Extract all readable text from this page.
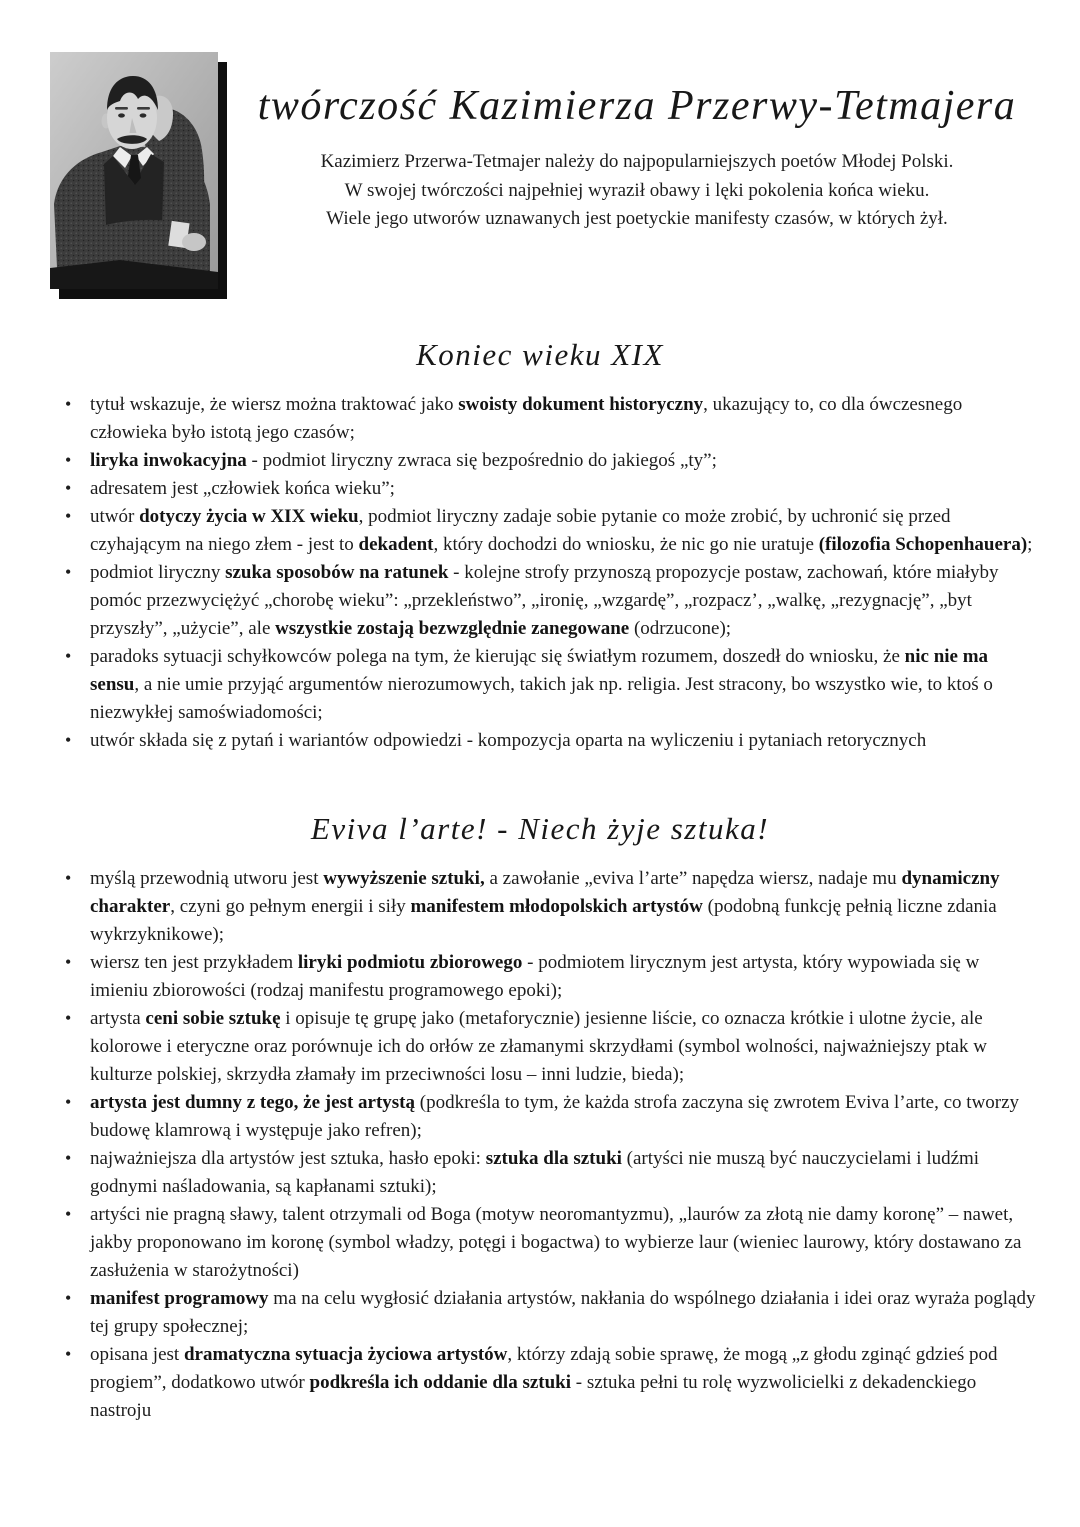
twórczość Kazimierza Przerwy-Tetmajera

Kazimierz Przerwa-Tetmajer należy do najpopularniejszych poetów Młodej Polski.

W swojej twórczości najpełniej wyraził obawy i lęki pokolenia końca wieku.

Wiele jego utworów uznawanych jest poetyckie manifesty czasów, w których żył.

Koniec wieku XIX
• tytuł wskazuje, że wiersz można traktować jako swoisty dokument historyczny, ukazujący to, co dla ówczesnego człowieka było istotą jego czasów;
• liryka inwokacyjna - podmiot liryczny zwraca się bezpośrednio do jakiegoś „ty”;
• adresatem jest „człowiek końca wieku”;
• utwór dotyczy życia w XIX wieku, podmiot liryczny zadaje sobie pytanie co może zrobić, by uchronić się przed czyhającym na niego złem - jest to dekadent, który dochodzi do wniosku, że nic go nie uratuje (filozofia Schopenhauera);
• podmiot liryczny szuka sposobów na ratunek - kolejne strofy przynoszą propozycje postaw, zachowań, które miałyby pomóc przezwyciężyć „chorobę wieku”: „przekleństwo”, „ironię, „wzgardę”, „rozpacz’, „walkę, „rezygnację”, „byt przyszły”, „użycie”, ale wszystkie zostają bezwzględnie zanegowane (odrzucone);
• paradoks sytuacji schyłkowców polega na tym, że kierując się światłym rozumem, doszedł do wniosku, że nic nie ma sensu, a nie umie przyjąć argumentów nierozumowych, takich jak np. religia. Jest stracony, bo wszystko wie, to ktoś o niezwykłej samoświadomości;
• utwór składa się z pytań i wariantów odpowiedzi - kompozycja oparta na wyliczeniu i pytaniach retorycznych
Eviva l’arte! - Niech żyje sztuka!
• myślą przewodnią utworu jest wywyższenie sztuki, a zawołanie „eviva l’arte” napędza wiersz, nadaje mu dynamiczny charakter, czyni go pełnym energii i siły manifestem młodopolskich artystów (podobną funkcję pełnią liczne zdania wykrzyknikowe);
• wiersz ten jest przykładem liryki podmiotu zbiorowego - podmiotem lirycznym jest artysta, który wypowiada się w imieniu zbiorowości (rodzaj manifestu programowego epoki);
• artysta ceni sobie sztukę i opisuje tę grupę jako (metaforycznie) jesienne liście, co oznacza krótkie i ulotne życie, ale kolorowe i eteryczne oraz porównuje ich do orłów ze złamanymi skrzydłami (symbol wolności, najważniejszy ptak w kulturze polskiej, skrzydła złamały im przeciwności losu – inni ludzie, bieda);
• artysta jest dumny z tego, że jest artystą (podkreśla to tym, że każda strofa zaczyna się zwrotem Eviva l’arte, co tworzy budowę klamrową i występuje jako refren);
• najważniejsza dla artystów jest sztuka, hasło epoki: sztuka dla sztuki (artyści nie muszą być nauczycielami i ludźmi godnymi naśladowania, są kapłanami sztuki);
• artyści nie pragną sławy, talent otrzymali od Boga (motyw neoromantyzmu), „laurów za złotą nie damy koronę” – nawet, jakby proponowano im koronę (symbol władzy, potęgi i bogactwa) to wybierze laur (wieniec laurowy, który dostawano za zasłużenia w starożytności)
• manifest programowy ma na celu wygłosić działania artystów, nakłania do wspólnego działania i idei oraz wyraża poglądy tej grupy społecznej;
• opisana jest dramatyczna sytuacja życiowa artystów, którzy zdają sobie sprawę, że mogą „z głodu zginąć gdzieś pod progiem”, dodatkowo utwór podkreśla ich oddanie dla sztuki - sztuka pełni tu rolę wyzwolicielki z dekadenckiego nastroju
